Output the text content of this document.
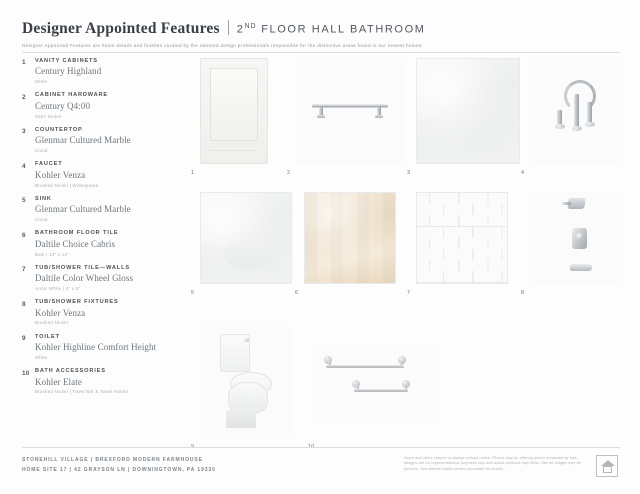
Designer Appointed Features 2ND FLOOR HALL BATHROOM
Designer Appointed Features are home details and finishes curated by the talented design professionals responsible for the distinctive areas found in our newest homes.
1	VANITY CABINETS
Century Highland
White
2	CABINET HARDWARE
Century Q4:00
Satin Nickel
3	COUNTERTOP
Glenmar Cultured Marble
Cloud
4	FAUCET
Kohler Venza
Brushed Nickel | Widespread
5	SINK
Glenmar Cultured Marble
Cloud
6	BATHROOM FLOOR TILE
Daltile Choice Cabris
Bust | 12" x 12"
7	TUB/SHOWER TILE—WALLS
Daltile Color Wheel Gloss
Arctic White | 3" x 6"
8	TUB/SHOWER FIXTURES
Kohler Venza
Brushed Nickel
9	TOILET
Kohler Highline Comfort Height
White
10 BATH ACCESSORIES
Kohler Elate
Brushed Nickel | Towel Bar & Towel Holder
1	2	3	4
5	6	7	8
STONEHILL VILLAGE | BREXFORD MODERN FARMHOUSE
HOME SITE 17 | 42 GRAYSON LN | DOWNINGTOWN, PA 19335
Home and offers subject to change without notice. Photos may be offering and/or enhanced by size, designs are for representational purposes only and actual products may differ. See all images may be pictures. See selected sales center consultant for details.
